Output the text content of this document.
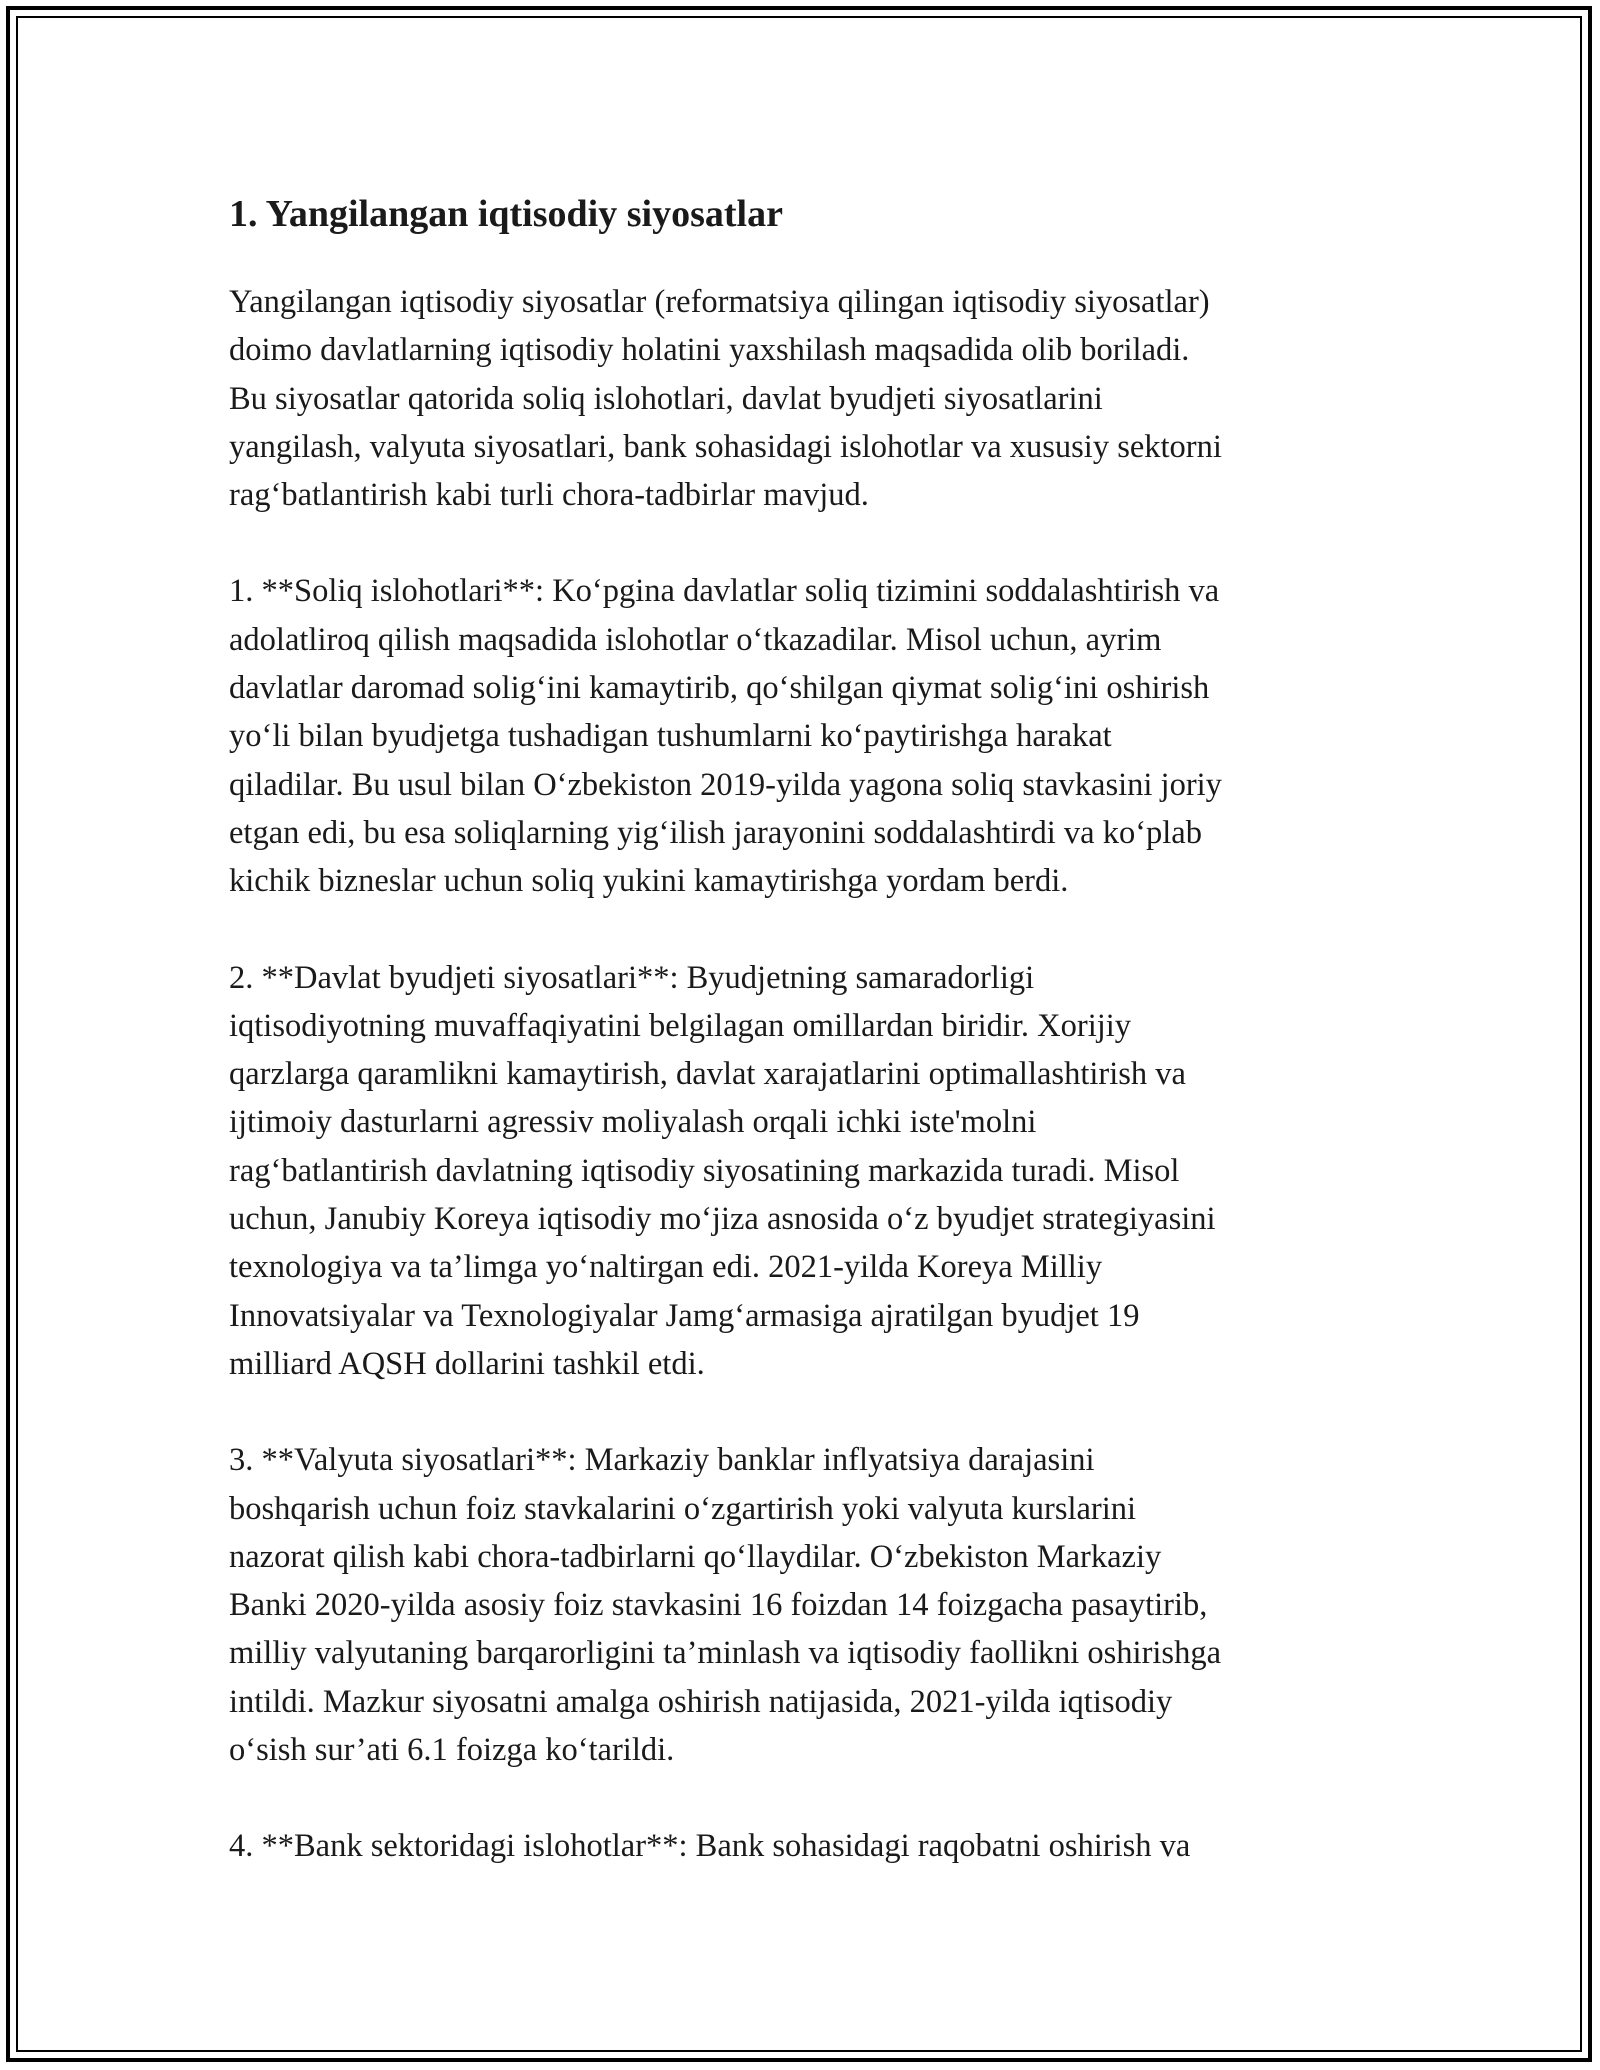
1. Yangilangan iqtisodiy siyosatlar

Yangilangan iqtisodiy siyosatlar (reformatsiya qilingan iqtisodiy siyosatlar)
doimo davlatlarning iqtisodiy holatini yaxshilash maqsadida olib boriladi.
Bu siyosatlar qatorida soliq islohotlari, davlat byudjeti siyosatlarini
yangilash, valyuta siyosatlari, bank sohasidagi islohotlar va xususiy sektorni
rag‘batlantirish kabi turli chora-tadbirlar mavjud.

1. **Soliq islohotlari**: Ko‘pgina davlatlar soliq tizimini soddalashtirish va
adolatliroq qilish maqsadida islohotlar o‘tkazadilar. Misol uchun, ayrim
davlatlar daromad solig‘ini kamaytirib, qo‘shilgan qiymat solig‘ini oshirish
yo‘li bilan byudjetga tushadigan tushumlarni ko‘paytirishga harakat
qiladilar. Bu usul bilan O‘zbekiston 2019-yilda yagona soliq stavkasini joriy
etgan edi, bu esa soliqlarning yig‘ilish jarayonini soddalashtirdi va ko‘plab
kichik bizneslar uchun soliq yukini kamaytirishga yordam berdi.

2. **Davlat byudjeti siyosatlari**: Byudjetning samaradorligi
iqtisodiyotning muvaffaqiyatini belgilagan omillardan biridir. Xorijiy
qarzlarga qaramlikni kamaytirish, davlat xarajatlarini optimallashtirish va
ijtimoiy dasturlarni agressiv moliyalash orqali ichki iste'molni
rag‘batlantirish davlatning iqtisodiy siyosatining markazida turadi. Misol
uchun, Janubiy Koreya iqtisodiy mo‘jiza asnosida o‘z byudjet strategiyasini
texnologiya va ta’limga yo‘naltirgan edi. 2021-yilda Koreya Milliy
Innovatsiyalar va Texnologiyalar Jamg‘armasiga ajratilgan byudjet 19
milliard AQSH dollarini tashkil etdi.

3. **Valyuta siyosatlari**: Markaziy banklar inflyatsiya darajasini
boshqarish uchun foiz stavkalarini o‘zgartirish yoki valyuta kurslarini
nazorat qilish kabi chora-tadbirlarni qo‘llaydilar. O‘zbekiston Markaziy
Banki 2020-yilda asosiy foiz stavkasini 16 foizdan 14 foizgacha pasaytirib,
milliy valyutaning barqarorligini ta’minlash va iqtisodiy faollikni oshirishga
intildi. Mazkur siyosatni amalga oshirish natijasida, 2021-yilda iqtisodiy
o‘sish sur’ati 6.1 foizga ko‘tarildi.

4. **Bank sektoridagi islohotlar**: Bank sohasidagi raqobatni oshirish va
